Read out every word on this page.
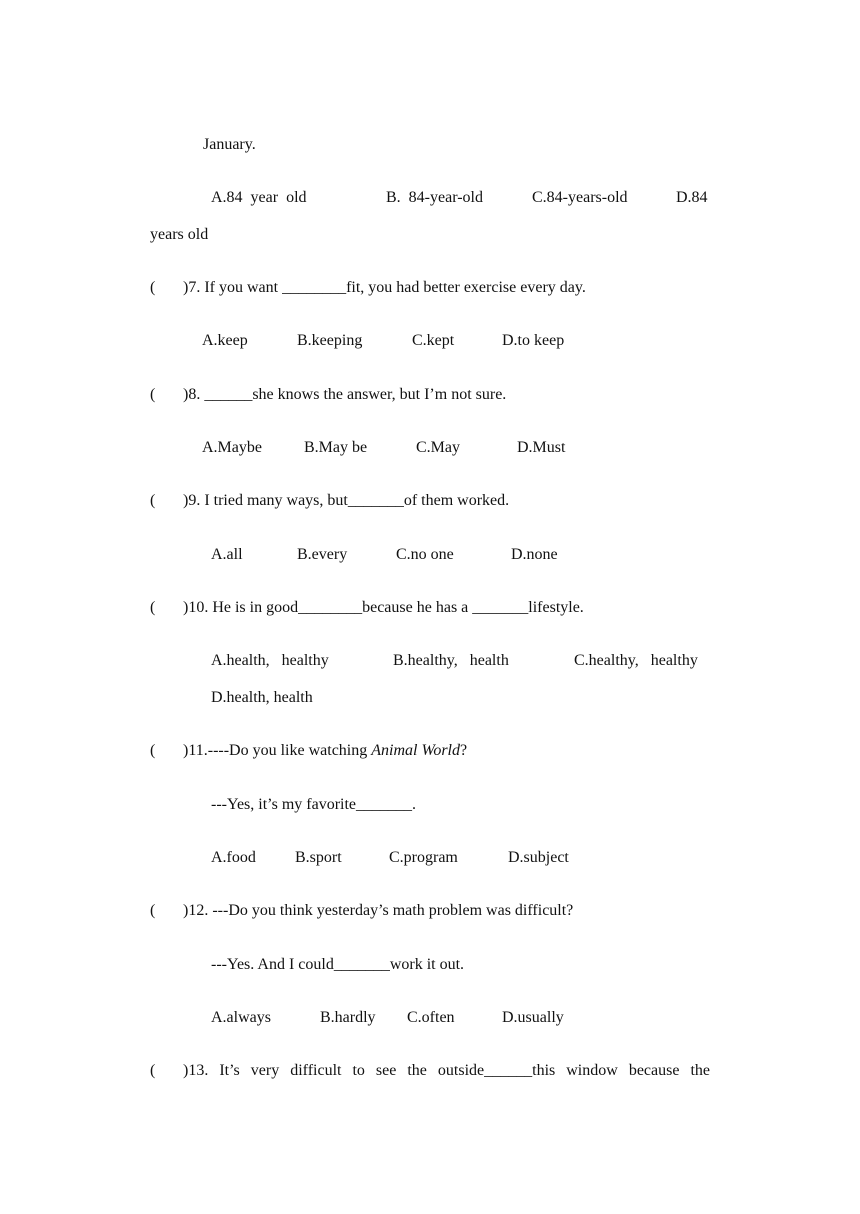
January.
A.84  year  old	B.  84-year-old	C.84-years-old	D.84
years old
( )7. If you want ________fit, you had better exercise every day.
A.keep	B.keeping	C.kept	D.to keep
( )8. ______she knows the answer, but I’m not sure.
A.Maybe	B.May be	C.May	D.Must
( )9. I tried many ways, but_______of them worked.
A.all	B.every	C.no one	D.none
( )10. He is in good________because he has a _______lifestyle.
A.health,   healthy	B.healthy,   health	C.healthy,   healthy
D.health, health
( )11.----Do you like watching Animal World?
---Yes, it’s my favorite_______.
A.food B.sport	C.program	D.subject
( )12. ---Do you think yesterday’s math problem was difficult?
---Yes. And I could_______work it out.
A.always	B.hardly C.often	D.usually
( )13. It’s very difficult to see the outside______this window because the
